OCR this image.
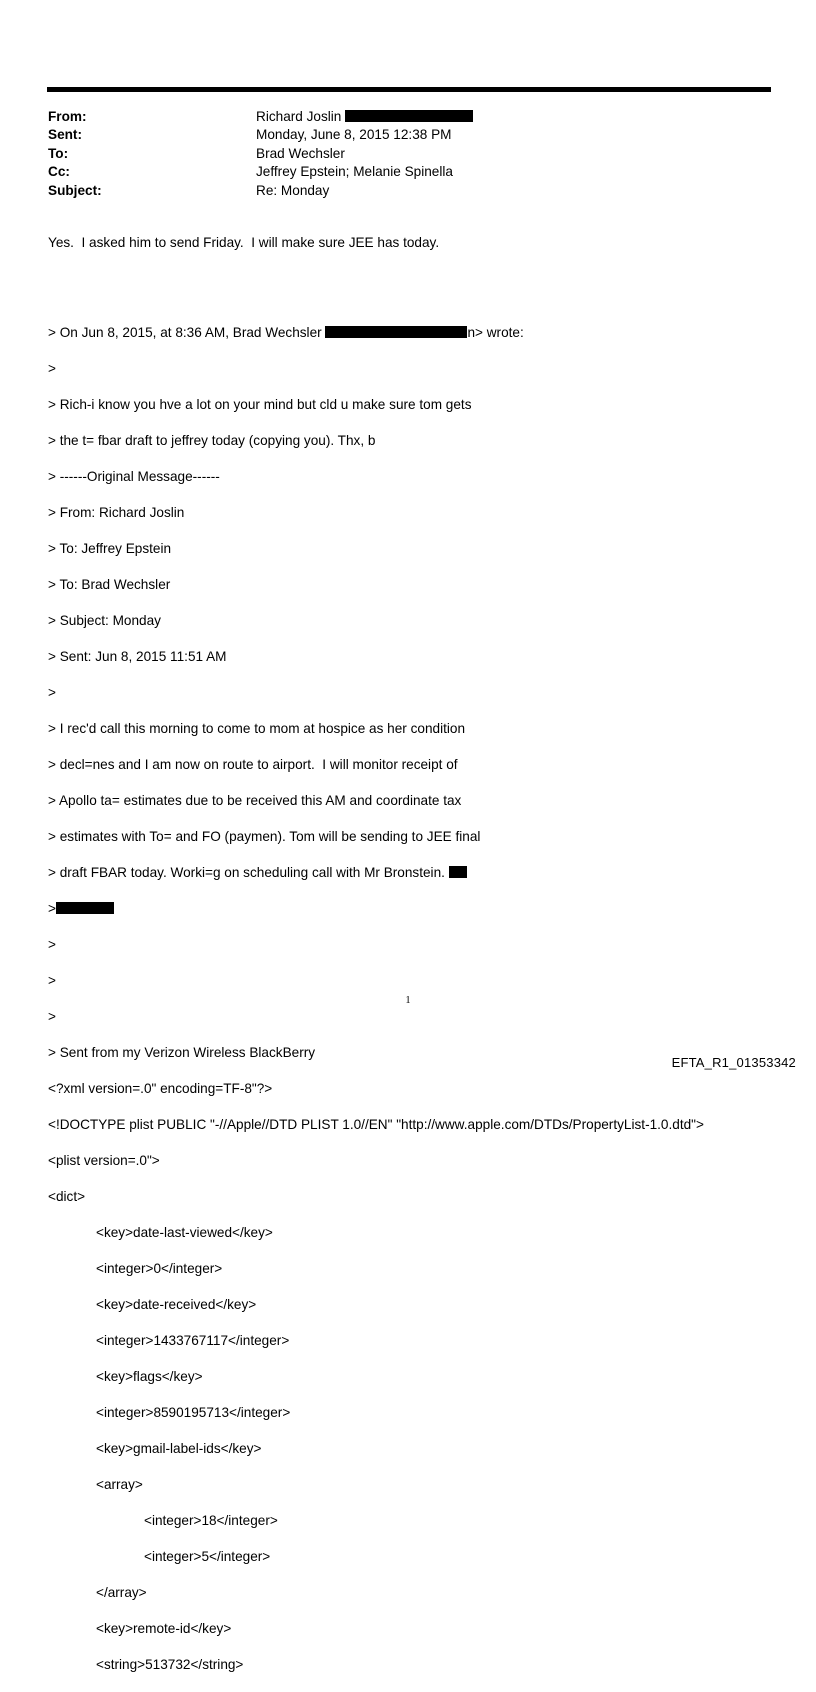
From:	Richard Joslin
Sent:	Monday, June 8, 2015 12:38 PM
To:	Brad Wechsler
Cc:	Jeffrey Epstein; Melanie Spinella
Subject:	Re: Monday
Yes.  I asked him to send Friday.  I will make sure JEE has today.

> On Jun 8, 2015, at 8:36 AM, Brad Wechsler	n> wrote:

>

> Rich-i know you hve a lot on your mind but cld u make sure tom gets

> the t= fbar draft to jeffrey today (copying you). Thx, b

> ------Original Message------

> From: Richard Joslin

> To: Jeffrey Epstein

> To: Brad Wechsler

> Subject: Monday

> Sent: Jun 8, 2015 11:51 AM

>

> I rec'd call this morning to come to mom at hospice as her condition

> decl=nes and I am now on route to airport.  I will monitor receipt of

> Apollo ta= estimates due to be received this AM and coordinate tax

> estimates with To= and FO (paymen). Tom will be sending to JEE final

> draft FBAR today. Worki=g on scheduling call with Mr Bronstein.

>

>

>

>

> Sent from my Verizon Wireless BlackBerry

<?xml version=.0" encoding=TF-8"?>

<!DOCTYPE plist PUBLIC "-//Apple//DTD PLIST 1.0//EN" "http://www.apple.com/DTDs/PropertyList-1.0.dtd">

<plist version=.0">

<dict>

<key>date-last-viewed</key>

<integer>0</integer>

<key>date-received</key>

<integer>1433767117</integer>

<key>flags</key>

<integer>8590195713</integer>

<key>gmail-label-ids</key>

<array>

<integer>18</integer>

<integer>5</integer>

</array>

<key>remote-id</key>

<string>513732</string>

1
EFTA_R1_01353342
